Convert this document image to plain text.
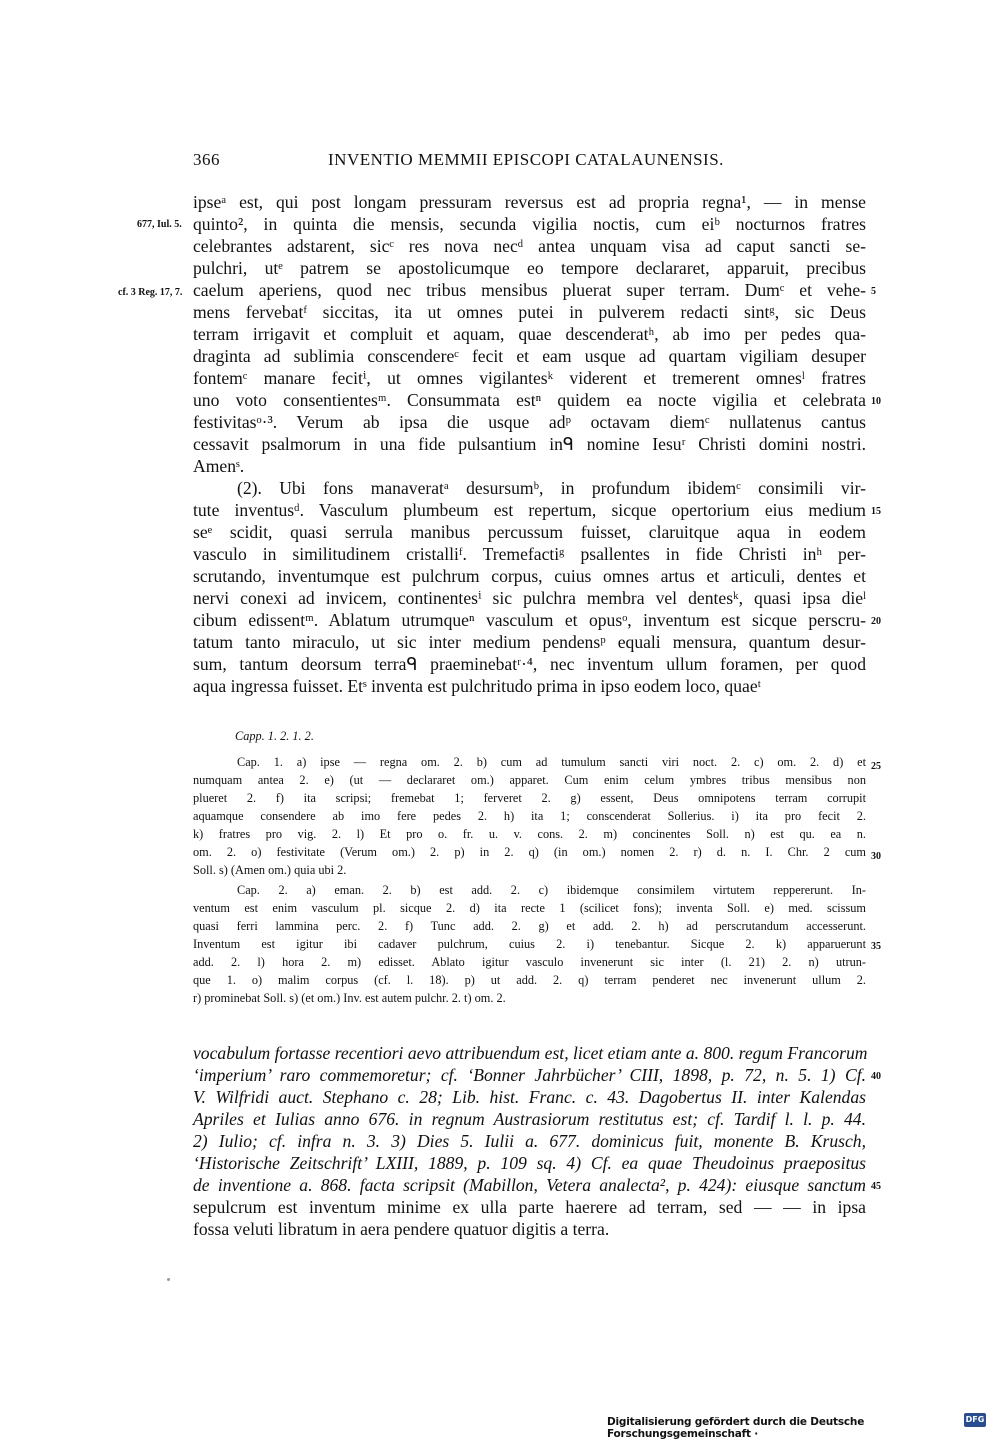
366	INVENTIO MEMMII EPISCOPI CATALAUNENSIS.
677, Iul. 5.
cf. 3 Reg. 17, 7.
ipseᵃ est, qui post longam pressuram reversus est ad propria regna¹, — in mense
quinto², in quinta die mensis, secunda vigilia noctis, cum eiᵇ nocturnos fratres
celebrantes adstarent, sicᶜ res nova necᵈ antea unquam visa ad caput sancti se-
pulchri, utᵉ patrem se apostolicumque eo tempore declararet, apparuit, precibus
caelum aperiens, quod nec tribus mensibus pluerat super terram. Dumᶜ et vehe-
mens fervebatᶠ siccitas, ita ut omnes putei in pulverem redacti sintᵍ, sic Deus
terram irrigavit et compluit et aquam, quae descenderatʰ, ab imo per pedes qua-
draginta ad sublimia conscendereᶜ fecit et eam usque ad quartam vigiliam desuper
fontemᶜ manare fecitⁱ, ut omnes vigilantesᵏ viderent et tremerent omnesˡ fratres
uno voto consentientesᵐ. Consummata estⁿ quidem ea nocte vigilia et celebrata
festivitasᵒ·³. Verum ab ipsa die usque adᵖ octavam diemᶜ nullatenus cantus
cessavit psalmorum in una fide pulsantium inᑫ nomine Iesuʳ Christi domini nostri.
Amenˢ.
(2). Ubi fons manaveratᵃ desursumᵇ, in profundum ibidemᶜ consimili vir-
tute inventusᵈ. Vasculum plumbeum est repertum, sicque opertorium eius medium
seᵉ scidit, quasi serrula manibus percussum fuisset, claruitque aqua in eodem
vasculo in similitudinem cristalliᶠ. Tremefactiᵍ psallentes in fide Christi inʰ per-
scrutando, inventumque est pulchrum corpus, cuius omnes artus et articuli, dentes et
nervi conexi ad invicem, continentesⁱ sic pulchra membra vel dentesᵏ, quasi ipsa dieˡ
cibum edissentᵐ. Ablatum utrumqueⁿ vasculum et opusᵒ, inventum est sicque perscru-
tatum tanto miraculo, ut sic inter medium pendensᵖ equali mensura, quantum desur-
sum, tantum deorsum terraᑫ praeminebatʳ·⁴, nec inventum ullum foramen, per quod
aqua ingressa fuisset. Etˢ inventa est pulchritudo prima in ipso eodem loco, quaeᵗ
5
10
15
20
25
30
35
40
45
Capp. 1. 2. 1. 2.
Cap. 1. a) ipse — regna om. 2. b) cum ad tumulum sancti viri noct. 2. c) om. 2. d) et
numquam antea 2. e) (ut — declararet om.) apparet. Cum enim celum ymbres tribus mensibus non
plueret 2. f) ita scripsi; fremebat 1; ferveret 2. g) essent, Deus omnipotens terram corrupit
aquamque consendere ab imo fere pedes 2. h) ita 1; conscenderat Sollerius. i) ita pro fecit 2.
k) fratres pro vig. 2. l) Et pro o. fr. u. v. cons. 2. m) concinentes Soll. n) est qu. ea n.
om. 2. o) festivitate (Verum om.) 2. p) in 2. q) (in om.) nomen 2. r) d. n. I. Chr. 2 cum
Soll. s) (Amen om.) quia ubi 2.
Cap. 2. a) eman. 2. b) est add. 2. c) ibidemque consimilem virtutem reppererunt. In-
ventum est enim vasculum pl. sicque 2. d) ita recte 1 (scilicet fons); inventa Soll. e) med. scissum
quasi ferri lammina perc. 2. f) Tunc add. 2. g) et add. 2. h) ad perscrutandum accesserunt.
Inventum est igitur ibi cadaver pulchrum, cuius 2. i) tenebantur. Sicque 2. k) apparuerunt
add. 2. l) hora 2. m) edisset. Ablato igitur vasculo invenerunt sic inter (l. 21) 2. n) utrun-
que 1. o) malim corpus (cf. l. 18). p) ut add. 2. q) terram penderet nec invenerunt ullum 2.
r) prominebat Soll. s) (et om.) Inv. est autem pulchr. 2. t) om. 2.
vocabulum fortasse recentiori aevo attribuendum est, licet etiam ante a. 800. regum Francorum
‘imperium’ raro commemoretur; cf. ‘Bonner Jahrbücher’ CIII, 1898, p. 72, n. 5. 1) Cf.
V. Wilfridi auct. Stephano c. 28; Lib. hist. Franc. c. 43. Dagobertus II. inter Kalendas
Apriles et Iulias anno 676. in regnum Austrasiorum restitutus est; cf. Tardif l. l. p. 44.
2) Iulio; cf. infra n. 3. 3) Dies 5. Iulii a. 677. dominicus fuit, monente B. Krusch,
‘Historische Zeitschrift’ LXIII, 1889, p. 109 sq. 4) Cf. ea quae Theudoinus praepositus
de inventione a. 868. facta scripsit (Mabillon, Vetera analecta², p. 424): eiusque sanctum
sepulcrum est inventum minime ex ulla parte haerere ad terram, sed — — in ipsa
fossa veluti libratum in aera pendere quatuor digitis a terra.
Digitalisierung gefördert durch die Deutsche Forschungsgemeinschaft ·
DFG
